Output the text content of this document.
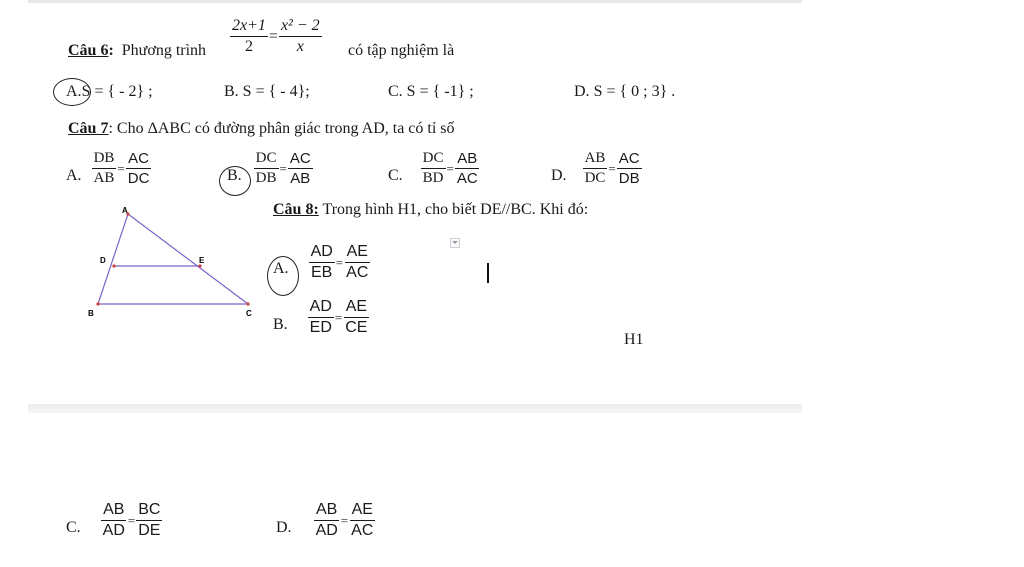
Câu 6: Phương trình $\frac{2x+1}{2} = \frac{\text{x² − 2}}{x}$ có tập nghiệm là
A.S = { - 2} ;	B. S = { - 4};	C. S = { -1} ;	D. S = { 0 ; 3} .
Câu 7: Cho ΔABC có đường phân giác trong AD, ta có tỉ số
A. $\frac{DB}{AB} = \frac{AC}{DC}$	B. $\frac{DC}{DB} = \frac{AC}{AB}$	C. $\frac{DC}{BD} = \frac{AB}{AC}$	D. $\frac{AB}{DC} = \frac{AC}{DB}$
A
D	E
B	C
Câu 8: Trong hình H1, cho biết DE//BC. Khi đó:
A. $\frac{AD}{EB} = \frac{AE}{AC}$
B. $\frac{AD}{ED} = \frac{AE}{CE}$
H1
C. $\frac{AB}{AD} = \frac{BC}{DE}$	D. $\frac{AB}{AD} = \frac{AE}{AC}$
